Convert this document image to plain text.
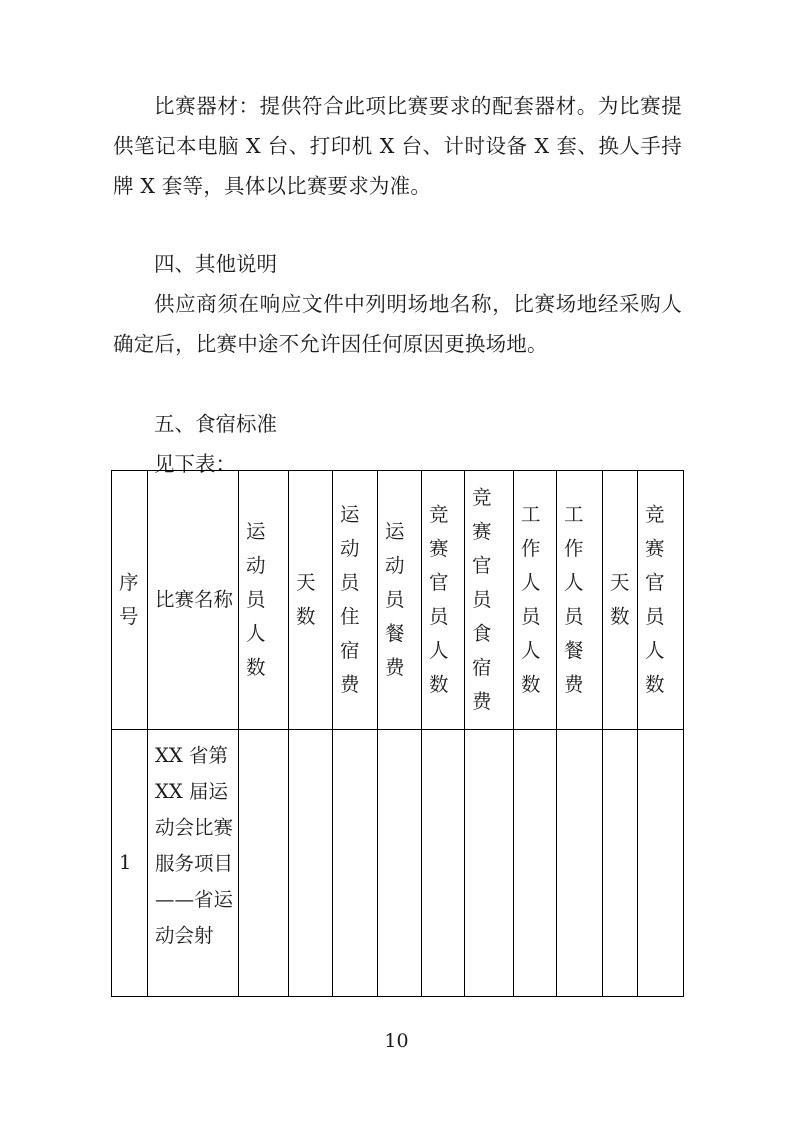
比赛器材：提供符合此项比赛要求的配套器材。为比赛提供笔记本电脑 X 台、打印机 X 台、计时设备 X 套、换人手持牌 X 套等，具体以比赛要求为准。

四、其他说明

供应商须在响应文件中列明场地名称，比赛场地经采购人确定后，比赛中途不允许因任何原因更换场地。

五、食宿标准

见下表：

序号	比赛名称	运动员人数	天数	运动员住宿费	运动员餐费	竞赛官员人数	竞赛官员食宿费	工作人员人数	工作人员餐费	天数	竞赛官员人数

1	XX 省第 XX 届运动会比赛服务项目——省运动会射										

10
